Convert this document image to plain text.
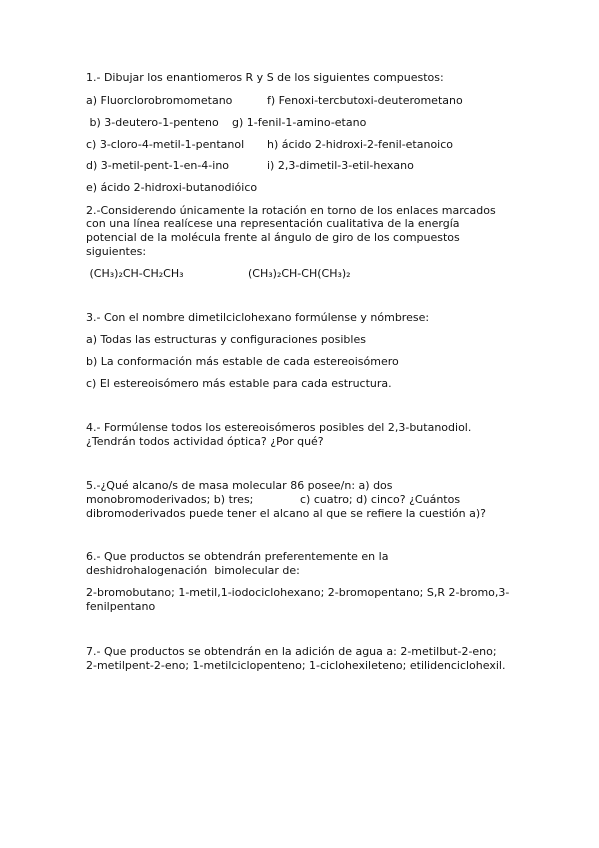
1.- Dibujar los enantiomeros R y S de los siguientes compuestos:
a) Fluorclorobromometano	f) Fenoxi-tercbutoxi-deuterometano
b) 3-deutero-1-penteno g) 1-fenil-1-amino-etano
c) 3-cloro-4-metil-1-pentanol h) ácido 2-hidroxi-2-fenil-etanoico
d) 3-metil-pent-1-en-4-ino	i) 2,3-dimetil-3-etil-hexano
e) ácido 2-hidroxi-butanodióico
2.-Considerendo únicamente la rotación en torno de los enlaces marcados
con una línea realícese una representación cualitativa de la energía
potencial de la molécula frente al ángulo de giro de los compuestos
siguientes:
(CH₃)₂CH-CH₂CH₃	(CH₃)₂CH-CH(CH₃)₂
3.- Con el nombre dimetilciclohexano formúlense y nómbrese:
a) Todas las estructuras y configuraciones posibles
b) La conformación más estable de cada estereoisómero
c) El estereoisómero más estable para cada estructura.
4.- Formúlense todos los estereoisómeros posibles del 2,3-butanodiol.
¿Tendrán todos actividad óptica? ¿Por qué?
5.-¿Qué alcano/s de masa molecular 86 posee/n: a) dos
monobromoderivados; b) tres;	c) cuatro; d) cinco? ¿Cuántos
dibromoderivados puede tener el alcano al que se refiere la cuestión a)?
6.- Que productos se obtendrán preferentemente en la
deshidrohalogenación  bimolecular de:
2-bromobutano; 1-metil,1-iodociclohexano; 2-bromopentano; S,R 2-bromo,3-
fenilpentano
7.- Que productos se obtendrán en la adición de agua a: 2-metilbut-2-eno;
2-metilpent-2-eno; 1-metilciclopenteno; 1-ciclohexileteno; etilidenciclohexil.
